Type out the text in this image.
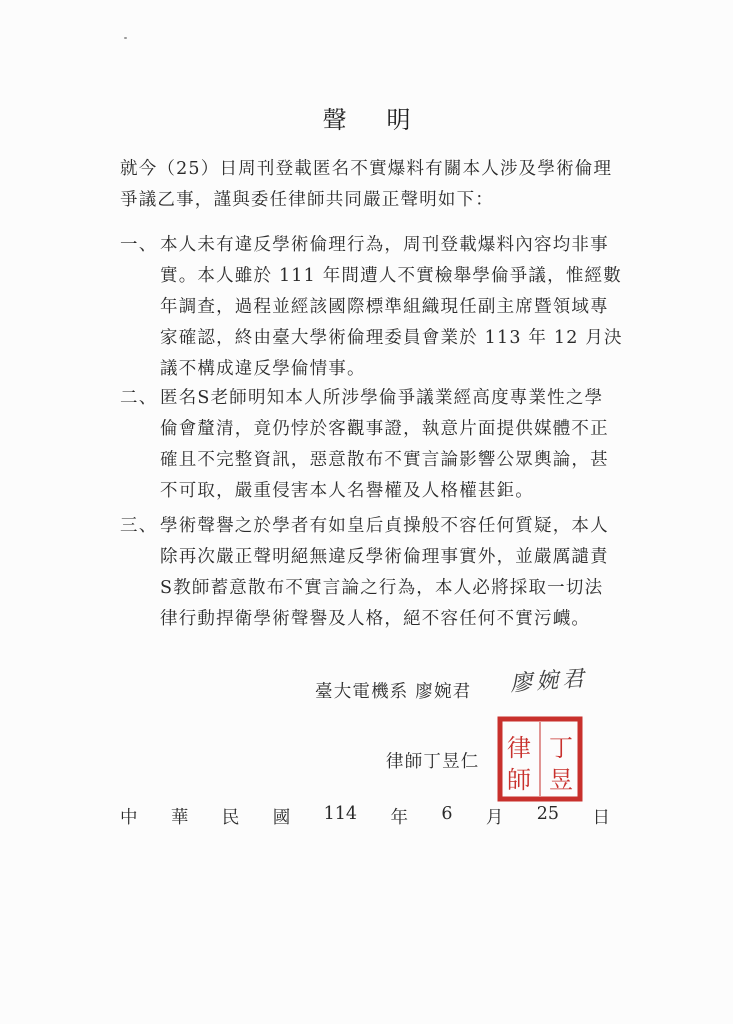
聲明
就今（25）日周刊登載匿名不實爆料有關本人涉及學術倫理
爭議乙事，謹與委任律師共同嚴正聲明如下：
一、 本人未有違反學術倫理行為，周刊登載爆料內容均非事
實。本人雖於 111 年間遭人不實檢舉學倫爭議，惟經數
年調查，過程並經該國際標準組織現任副主席暨領域專
家確認，終由臺大學術倫理委員會業於 113 年 12 月決
議不構成違反學倫情事。
二、 匿名S老師明知本人所涉學倫爭議業經高度專業性之學
倫會釐清，竟仍悖於客觀事證，執意片面提供媒體不正
確且不完整資訊，惡意散布不實言論影響公眾輿論，甚
不可取，嚴重侵害本人名譽權及人格權甚鉅。
三、 學術聲譽之於學者有如皇后貞操般不容任何質疑，本人
除再次嚴正聲明絕無違反學術倫理事實外，並嚴厲譴責
S教師蓄意散布不實言論之行為，本人必將採取一切法
律行動捍衛學術聲譽及人格，絕不容任何不實污衊。
臺大電機系 廖婉君 廖婉君
律師丁昱仁	丁
昱
律
師
中 華 民 國 114 年 6 月 25 日
